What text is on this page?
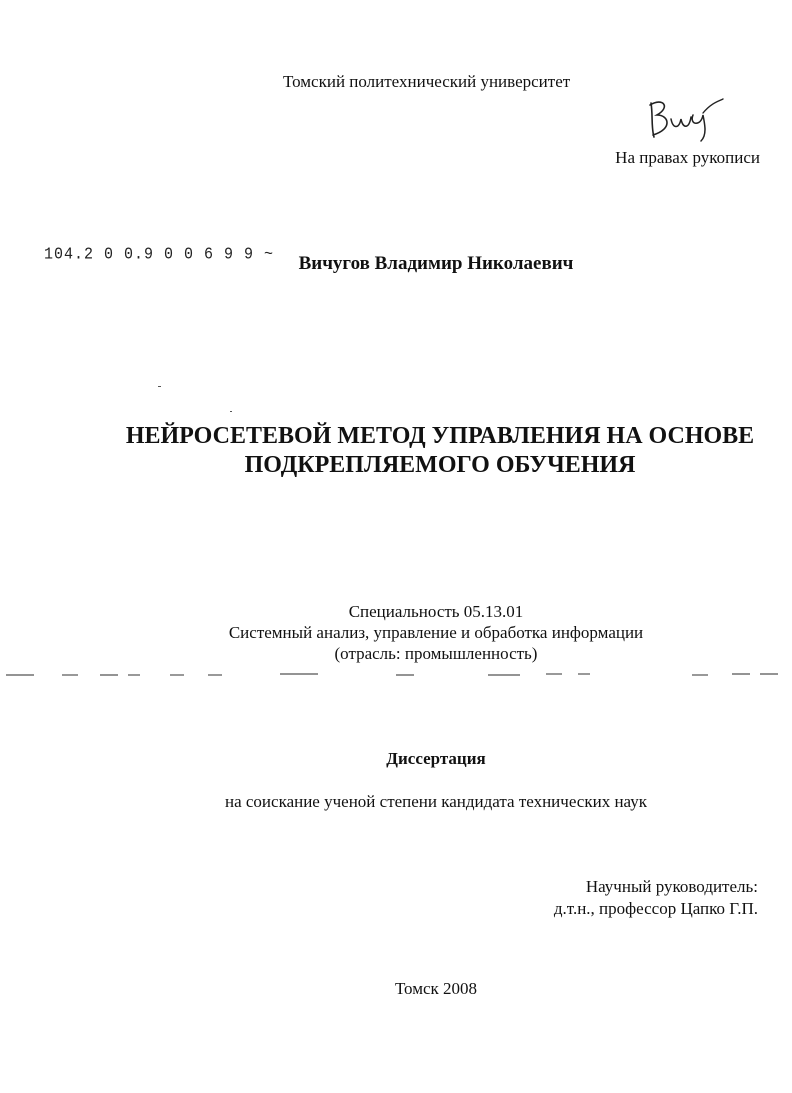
Томский политехнический университет
На правах рукописи
104.2 0 0.9 0 0 6 9 9 ~	Вичугов Владимир Николаевич
НЕЙРОСЕТЕВОЙ МЕТОД УПРАВЛЕНИЯ НА ОСНОВЕ
ПОДКРЕПЛЯЕМОГО ОБУЧЕНИЯ
Специальность 05.13.01
Системный анализ, управление и обработка информации
(отрасль: промышленность)
Диссертация
на соискание ученой степени кандидата технических наук
Научный руководитель:
д.т.н., профессор Цапко Г.П.
Томск 2008
